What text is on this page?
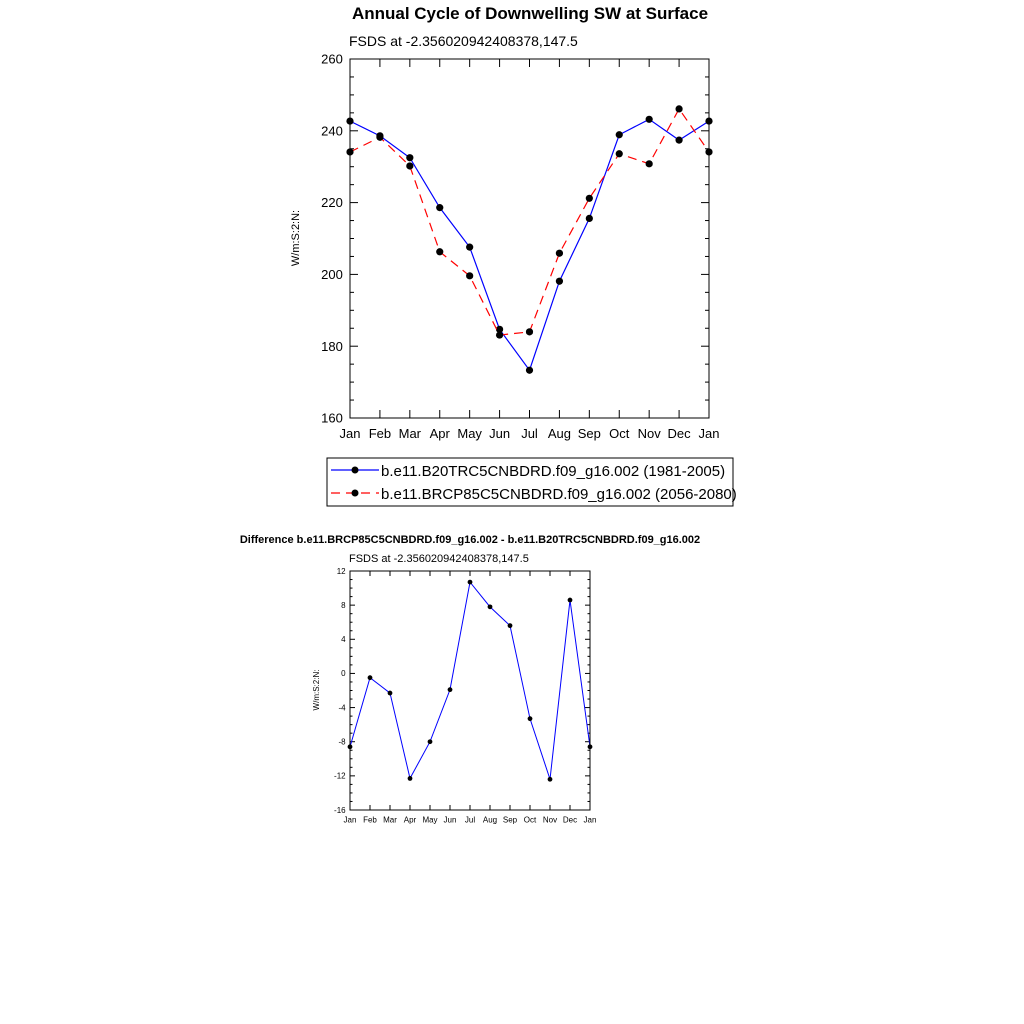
Annual Cycle of Downwelling SW at Surface
FSDS at -2.356020942408378,147.5
W/m:S:2:N:
Jan Feb Mar Apr May Jun Jul Aug Sep Oct Nov Dec Jan
160
180
200
220
240
260
b.e11.B20TRC5CNBDRD.f09_g16.002 (1981-2005)
b.e11.BRCP85C5CNBDRD.f09_g16.002 (2056-2080)
Difference b.e11.BRCP85C5CNBDRD.f09_g16.002 - b.e11.B20TRC5CNBDRD.f09_g16.002
FSDS at -2.356020942408378,147.5
W/m:S:2:N:
Jan Feb Mar Apr May Jun Jul Aug Sep Oct Nov Dec Jan
-16
-12
-8
-4
0
4
8
12
